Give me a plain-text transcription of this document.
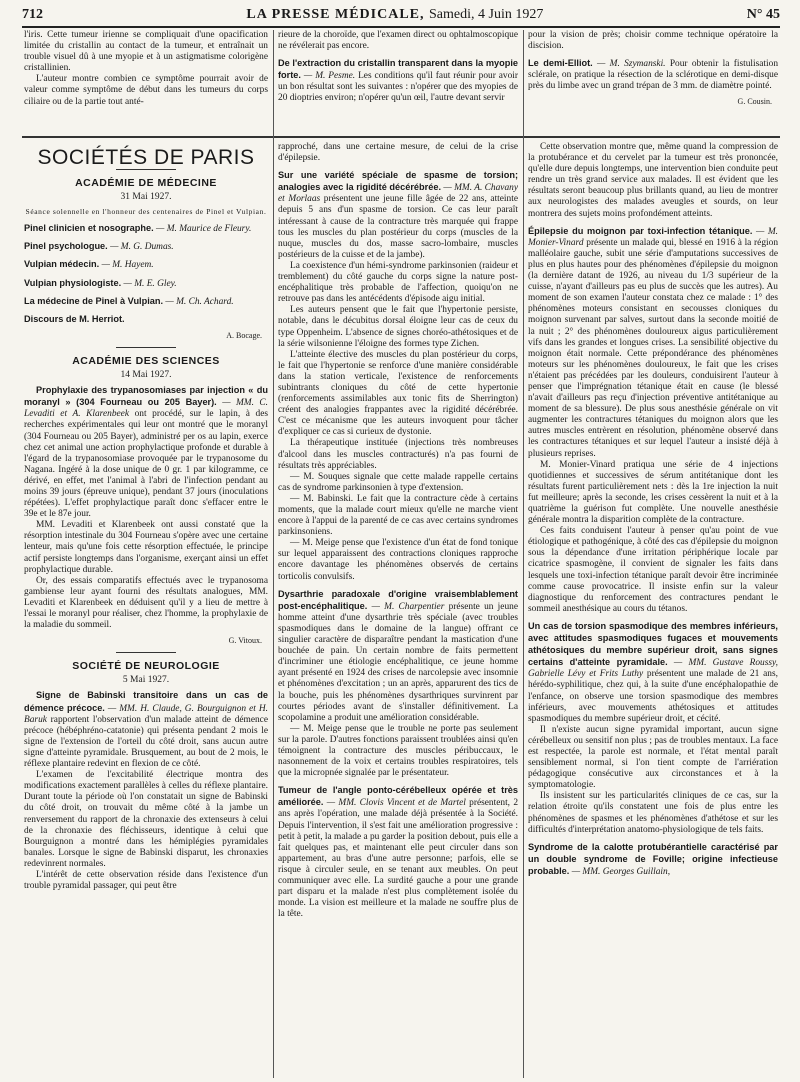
712	LA PRESSE MÉDICALE, Samedi, 4 Juin 1927	N° 45

l'iris. Cette tumeur irienne se compliquait d'une opacification limitée du cristallin au contact de la tumeur, et entraînait un trouble visuel dû à une myopie et à un astigmatisme colorigène cristallinien.

L'auteur montre combien ce symptôme pourrait avoir de valeur comme symptôme de début dans les tumeurs du corps ciliaire ou de la partie tout anté-

rieure de la choroïde, que l'examen direct ou ophtalmoscopique ne révélerait pas encore.

De l'extraction du cristallin transparent dans la myopie forte. — M. Pesme. Les conditions qu'il faut réunir pour avoir un bon résultat sont les suivantes : n'opérer que des myopies de 20 dioptries environ; n'opérer qu'un œil, l'autre devant servir

pour la vision de près; choisir comme technique opératoire la discision.

Le demi-Elliot. — M. Szymanski. Pour obtenir la fistulisation sclérale, on pratique la résection de la sclérotique en demi-disque près du limbe avec un grand trépan de 3 mm. de diamètre pointé.

G. Cousin.
SOCIÉTÉS DE PARIS
ACADÉMIE DE MÉDECINE
31 Mai 1927.
Séance solennelle en l'honneur des centenaires de Pinel et Vulpian.

Pinel clinicien et nosographe. — M. Maurice de Fleury.

Pinel psychologue. — M. G. Dumas.

Vulpian médecin. — M. Hayem.

Vulpian physiologiste. — M. E. Gley.

La médecine de Pinel à Vulpian. — M. Ch. Achard.

Discours de M. Herriot.

A. Bocage.
ACADÉMIE DES SCIENCES
14 Mai 1927.

Prophylaxie des trypanosomiases par injection « du moranyl » (304 Fourneau ou 205 Bayer). — MM. C. Levaditi et A. Klarenbeek ont procédé, sur le lapin, à des recherches expérimentales qui leur ont montré que le moranyl (304 Fourneau ou 205 Bayer), administré per os au lapin, exerce chez cet animal une action prophylactique profonde et durable à l'égard de la trypanosomiase provoquée par le trypanosome du Nagana. Ingéré à la dose unique de 0 gr. 1 par kilogramme, ce dérivé, en effet, met l'animal à l'abri de l'infection pendant au moins 39 jours (épreuve unique), pendant 37 jours (inoculations répétées). L'effet prophylactique paraît donc s'effacer entre le 39e et le 87e jour.

MM. Levaditi et Klarenbeek ont aussi constaté que la résorption intestinale du 304 Fourneau s'opère avec une certaine lenteur, mais qu'une fois cette résorption effectuée, le principe actif persiste longtemps dans l'organisme, exerçant ainsi un effet prophylactique durable.

Or, des essais comparatifs effectués avec le trypanosoma gambiense leur ayant fourni des résultats analogues, MM. Levaditi et Klarenbeek en déduisent qu'il y a lieu de mettre à l'essai le moranyl pour réaliser, chez l'homme, la prophylaxie de la maladie du sommeil.

G. Vitoux.
SOCIÉTÉ DE NEUROLOGIE
5 Mai 1927.

Signe de Babinski transitoire dans un cas de démence précoce. — MM. H. Claude, G. Bourguignon et H. Baruk rapportent l'observation d'un malade atteint de démence précoce (hébéphréno-catatonie) qui présenta pendant 2 mois le signe de l'extension de l'orteil du côté droit, sans aucun autre signe d'atteinte pyramidale. Brusquement, au bout de 2 mois, le réflexe plantaire redevint en flexion de ce côté.

L'examen de l'excitabilité électrique montra des modifications exactement parallèles à celles du réflexe plantaire. Durant toute la période où l'on constatait un signe de Babinski du côté droit, on trouvait du même côté à la jambe un renversement du rapport de la chronaxie des extenseurs à celui de la chronaxie des fléchisseurs, identique à celui que Bourguignon a montré dans les hémiplégies pyramidales banales. Lorsque le signe de Babinski disparut, les chronaxies redevinrent normales.

L'intérêt de cette observation réside dans l'existence d'un trouble pyramidal passager, qui peut être

rapproché, dans une certaine mesure, de celui de la crise d'épilepsie.

Sur une variété spéciale de spasme de torsion; analogies avec la rigidité décérébrée. — MM. A. Chavany et Morlaas présentent une jeune fille âgée de 22 ans, atteinte depuis 5 ans d'un spasme de torsion. Ce cas leur paraît intéressant à cause de la contracture très marquée qui frappe tous les muscles du plan postérieur du corps (muscles de la nuque, muscles du dos, masse sacro-lombaire, muscles postérieurs de la cuisse et de la jambe).

La coexistence d'un hémi-syndrome parkinsonien (raideur et tremblement) du côté gauche du corps signe la nature post-encéphalitique très probable de l'affection, quoiqu'on ne retrouve pas dans les antécédents d'épisode aigu initial.

Les auteurs pensent que le fait que l'hypertonie persiste, notable, dans le décubitus dorsal éloigne leur cas de ceux du type Oppenheim. L'absence de signes choréo-athétosiques et de la série wilsonienne l'éloigne des formes type Zichen.

L'atteinte élective des muscles du plan postérieur du corps, le fait que l'hypertonie se renforce d'une manière considérable dans la station verticale, l'existence de renforcements subintrants cloniques du côté de cette hypertonie (renforcements assimilables aux tonic fits de Sherrington) créent des analogies frappantes avec la rigidité décérébrée. C'est ce mécanisme que les auteurs invoquent pour tâcher d'expliquer ce cas si curieux de dystonie.

La thérapeutique instituée (injections très nombreuses d'alcool dans les muscles contracturés) n'a pas fourni de résultats très appréciables.

— M. Souques signale que cette malade rappelle certains cas de syndrome parkinsonien à type d'extension.

— M. Babinski. Le fait que la contracture cède à certains moments, que la malade court mieux qu'elle ne marche vient encore à l'appui de la parenté de ce cas avec certains syndromes parkinsoniens.

— M. Meige pense que l'existence d'un état de fond tonique sur lequel apparaissent des contractions cloniques rapproche encore davantage les phénomènes observés de certains torticolis convulsifs.

Dysarthrie paradoxale d'origine vraisemblablement post-encéphalitique. — M. Charpentier présente un jeune homme atteint d'une dysarthrie très spéciale (avec troubles spasmodiques dans le domaine de la langue) offrant ce singulier caractère de disparaître pendant la mastication d'une bouchée de pain. Un certain nombre de faits permettent d'incriminer une étiologie encéphalitique, ce jeune homme ayant présenté en 1924 des crises de narcolepsie avec insomnie et phénomènes d'excitation ; un an après, apparurent des tics de la bouche, puis les phénomènes dysarthriques survinrent par courtes périodes avant de s'installer définitivement. La scopolamine a produit une amélioration considérable.

— M. Meige pense que le trouble ne porte pas seulement sur la parole. D'autres fonctions paraissent troublées ainsi qu'en témoignent la contracture des muscles péribuccaux, le nasonnement de la voix et certains troubles respiratoires, tels que la micropnée signalée par le présentateur.

Tumeur de l'angle ponto-cérébelleux opérée et très améliorée. — MM. Clovis Vincent et de Martel présentent, 2 ans après l'opération, une malade déjà présentée à la Société. Depuis l'intervention, il s'est fait une amélioration progressive : petit à petit, la malade a pu garder la position debout, puis elle a fait quelques pas, et maintenant elle peut circuler dans son appartement, au bras d'une autre personne; parfois, elle se risque à circuler seule, en se tenant aux meubles. On peut communiquer avec elle. La surdité gauche a pour une grande part disparu et la malade n'est plus complètement isolée du monde. La vision est meilleure et la malade ne souffre plus de la tête.

Cette observation montre que, même quand la compression de la protubérance et du cervelet par la tumeur est très prononcée, qu'elle dure depuis longtemps, une intervention bien conduite peut rendre un très grand service aux malades. Il est évident que les résultats seront beaucoup plus brillants quand, au lieu de montrer aux neurologistes des malades aveugles et sourds, on leur montrera des sujets moins profondément atteints.

Épilepsie du moignon par toxi-infection tétanique. — M. Monier-Vinard présente un malade qui, blessé en 1916 à la région malléolaire gauche, subit une série d'amputations successives de plus en plus hautes pour des phénomènes d'épilepsie du moignon (la dernière datant de 1926, au niveau du 1/3 supérieur de la cuisse, n'ayant d'ailleurs pas eu plus de succès que les autres). Au moment de son examen l'auteur constata chez ce malade : 1° des phénomènes moteurs consistant en secousses cloniques du moignon survenant par salves, surtout dans la seconde moitié de la nuit ; 2° des phénomènes douloureux aigus particulièrement vifs dans les grandes et longues crises. La sensibilité objective du moignon était normale. Cette prépondérance des phénomènes moteurs sur les phénomènes douloureux, le fait que les crises n'étaient pas précédées par les douleurs, conduisirent l'auteur à penser que l'imprégnation tétanique était en cause (le blessé n'avait d'ailleurs pas reçu d'injection préventive antitétanique au moment de sa blessure). De plus sous anesthésie générale on vit augmenter les contractures tétaniques du moignon alors que les autres muscles entrèrent en résolution, phénomène observé dans les contractures tétaniques et sur lequel l'auteur a insisté déjà à plusieurs reprises.

M. Monier-Vinard pratiqua une série de 4 injections quotidiennes et successives de sérum antitétanique dont les résultats furent particulièrement nets : dès la 1re injection la nuit fut meilleure; après la seconde, les crises cessèrent la nuit et à la quatrième la guérison fut complète. Une nouvelle anesthésie générale montra la disparition complète de la contracture.

Ces faits conduisent l'auteur à penser qu'au point de vue étiologique et pathogénique, à côté des cas d'épilepsie du moignon sous la dépendance d'une irritation périphérique locale par cicatrice spasmogène, il convient de signaler les faits dans lesquels une toxi-infection tétanique paraît devoir être incriminée comme cause provocatrice. Il insiste enfin sur la valeur diagnostique du renforcement des contractures pendant le sommeil anesthésique au cours du tétanos.

Un cas de torsion spasmodique des membres inférieurs, avec attitudes spasmodiques fugaces et mouvements athétosiques du membre supérieur droit, sans signes certains d'atteinte pyramidale. — MM. Gustave Roussy, Gabrielle Lévy et Frits Luthy présentent une malade de 21 ans, hérédo-syphilitique, chez qui, à la suite d'une encéphalopathie de l'enfance, on observe une torsion spasmodique des membres inférieurs, avec mouvements athétosiques et attitudes spasmodiques du membre supérieur droit, et cécité.

Il n'existe aucun signe pyramidal important, aucun signe cérébelleux ou sensitif non plus ; pas de troubles mentaux. La face est respectée, la parole est normale, et l'état mental paraît sensiblement normal, si l'on tient compte de l'arriération pédagogique consécutive aux circonstances et à la symptomatologie.

Ils insistent sur les particularités cliniques de ce cas, sur la relation étroite qu'ils constatent une fois de plus entre les phénomènes de spasmes et les phénomènes d'athétose et sur les difficultés d'interprétation anatomo-physiologique de tels faits.

Syndrome de la calotte protubérantielle caractérisé par un double syndrome de Foville; origine infectieuse probable. — MM. Georges Guillain,
